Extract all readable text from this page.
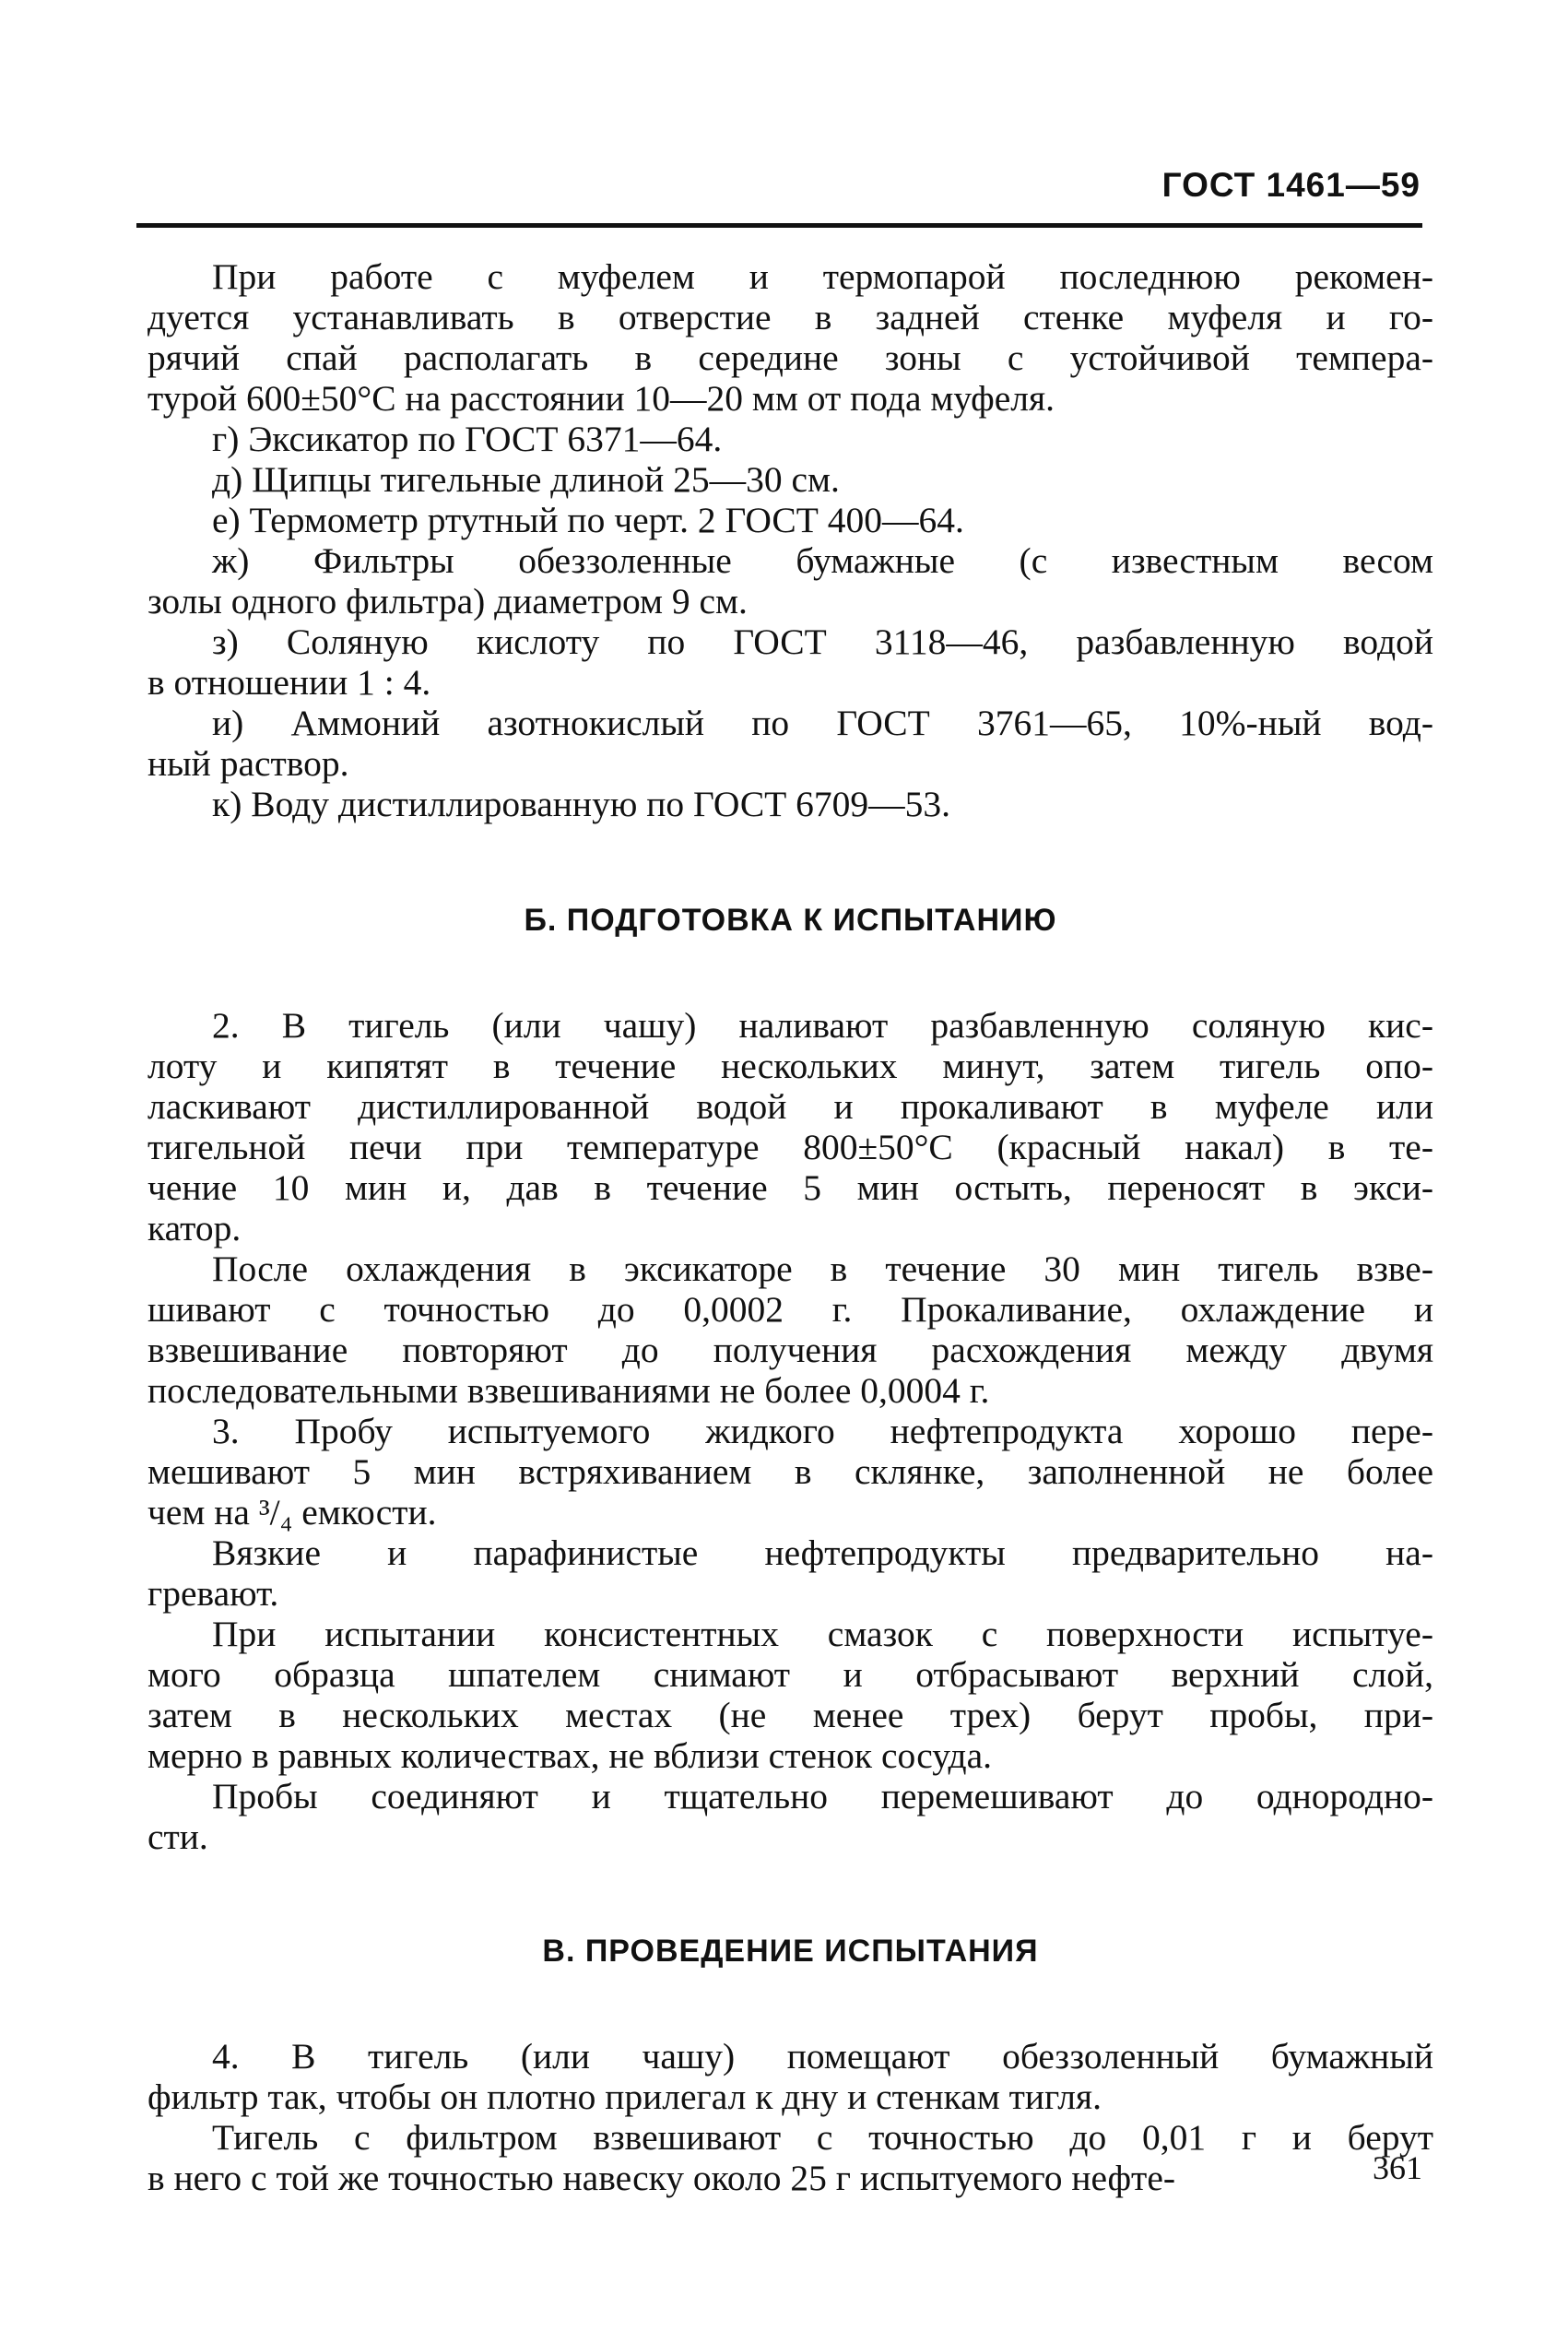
ГОСТ 1461—59

При работе с муфелем и термопарой последнюю рекомен-
дуется устанавливать в отверстие в задней стенке муфеля и го-
рячий спай располагать в середине зоны с устойчивой темпера-
турой 600±50°С на расстоянии 10—20 мм от пода муфеля.

г) Эксикатор по ГОСТ 6371—64.

д) Щипцы тигельные длиной 25—30 см.

е) Термометр ртутный по черт. 2 ГОСТ 400—64.

ж) Фильтры обеззоленные бумажные (с известным весом
золы одного фильтра) диаметром 9 см.

з) Соляную кислоту по ГОСТ 3118—46, разбавленную водой
в отношении 1 : 4.

и) Аммоний азотнокислый по ГОСТ 3761—65, 10%-ный вод-
ный раствор.

к) Воду дистиллированную по ГОСТ 6709—53.

Б. ПОДГОТОВКА К ИСПЫТАНИЮ

2. В тигель (или чашу) наливают разбавленную соляную кис-
лоту и кипятят в течение нескольких минут, затем тигель опо-
ласкивают дистиллированной водой и прокаливают в муфеле или
тигельной печи при температуре 800±50°С (красный накал) в те-
чение 10 мин и, дав в течение 5 мин остыть, переносят в экси-
катор.

После охлаждения в эксикаторе в течение 30 мин тигель взве-
шивают с точностью до 0,0002 г. Прокаливание, охлаждение и
взвешивание повторяют до получения расхождения между двумя
последовательными взвешиваниями не более 0,0004 г.

3. Пробу испытуемого жидкого нефтепродукта хорошо пере-
мешивают 5 мин встряхиванием в склянке, заполненной не более
чем на ³/₄ емкости.

Вязкие и парафинистые нефтепродукты предварительно на-
гревают.

При испытании консистентных смазок с поверхности испытуе-
мого образца шпателем снимают и отбрасывают верхний слой,
затем в нескольких местах (не менее трех) берут пробы, при-
мерно в равных количествах, не вблизи стенок сосуда.

Пробы соединяют и тщательно перемешивают до однородно-
сти.

В. ПРОВЕДЕНИЕ ИСПЫТАНИЯ

4. В тигель (или чашу) помещают обеззоленный бумажный
фильтр так, чтобы он плотно прилегал к дну и стенкам тигля.

Тигель с фильтром взвешивают с точностью до 0,01 г и берут
в него с той же точностью навеску около 25 г испытуемого нефте-	361
